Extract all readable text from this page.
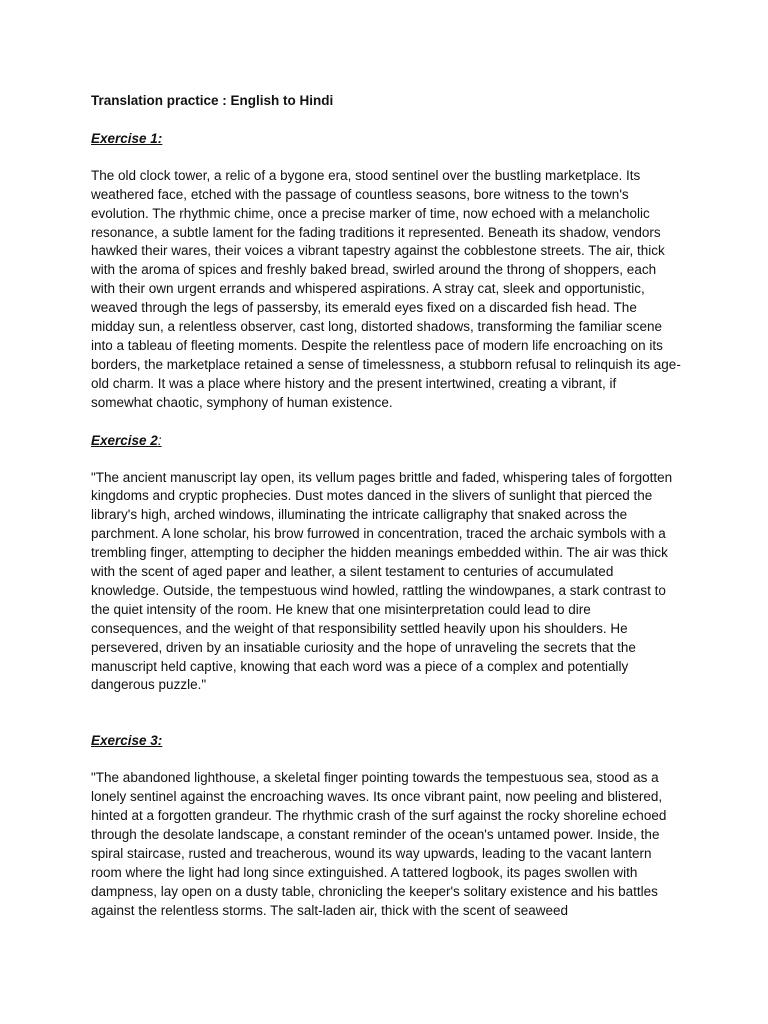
Translation practice : English to Hindi

Exercise 1:

The old clock tower, a relic of a bygone era, stood sentinel over the bustling marketplace. Its weathered face, etched with the passage of countless seasons, bore witness to the town's evolution. The rhythmic chime, once a precise marker of time, now echoed with a melancholic resonance, a subtle lament for the fading traditions it represented. Beneath its shadow, vendors hawked their wares, their voices a vibrant tapestry against the cobblestone streets. The air, thick with the aroma of spices and freshly baked bread, swirled around the throng of shoppers, each with their own urgent errands and whispered aspirations. A stray cat, sleek and opportunistic, weaved through the legs of passersby, its emerald eyes fixed on a discarded fish head. The midday sun, a relentless observer, cast long, distorted shadows, transforming the familiar scene into a tableau of fleeting moments. Despite the relentless pace of modern life encroaching on its borders, the marketplace retained a sense of timelessness, a stubborn refusal to relinquish its age-old charm. It was a place where history and the present intertwined, creating a vibrant, if somewhat chaotic, symphony of human existence.

Exercise 2:

"The ancient manuscript lay open, its vellum pages brittle and faded, whispering tales of forgotten kingdoms and cryptic prophecies. Dust motes danced in the slivers of sunlight that pierced the library's high, arched windows, illuminating the intricate calligraphy that snaked across the parchment. A lone scholar, his brow furrowed in concentration, traced the archaic symbols with a trembling finger, attempting to decipher the hidden meanings embedded within. The air was thick with the scent of aged paper and leather, a silent testament to centuries of accumulated knowledge. Outside, the tempestuous wind howled, rattling the windowpanes, a stark contrast to the quiet intensity of the room. He knew that one misinterpretation could lead to dire consequences, and the weight of that responsibility settled heavily upon his shoulders. He persevered, driven by an insatiable curiosity and the hope of unraveling the secrets that the manuscript held captive, knowing that each word was a piece of a complex and potentially dangerous puzzle."

Exercise 3:

"The abandoned lighthouse, a skeletal finger pointing towards the tempestuous sea, stood as a lonely sentinel against the encroaching waves. Its once vibrant paint, now peeling and blistered, hinted at a forgotten grandeur. The rhythmic crash of the surf against the rocky shoreline echoed through the desolate landscape, a constant reminder of the ocean's untamed power. Inside, the spiral staircase, rusted and treacherous, wound its way upwards, leading to the vacant lantern room where the light had long since extinguished. A tattered logbook, its pages swollen with dampness, lay open on a dusty table, chronicling the keeper's solitary existence and his battles against the relentless storms. The salt-laden air, thick with the scent of seaweed
